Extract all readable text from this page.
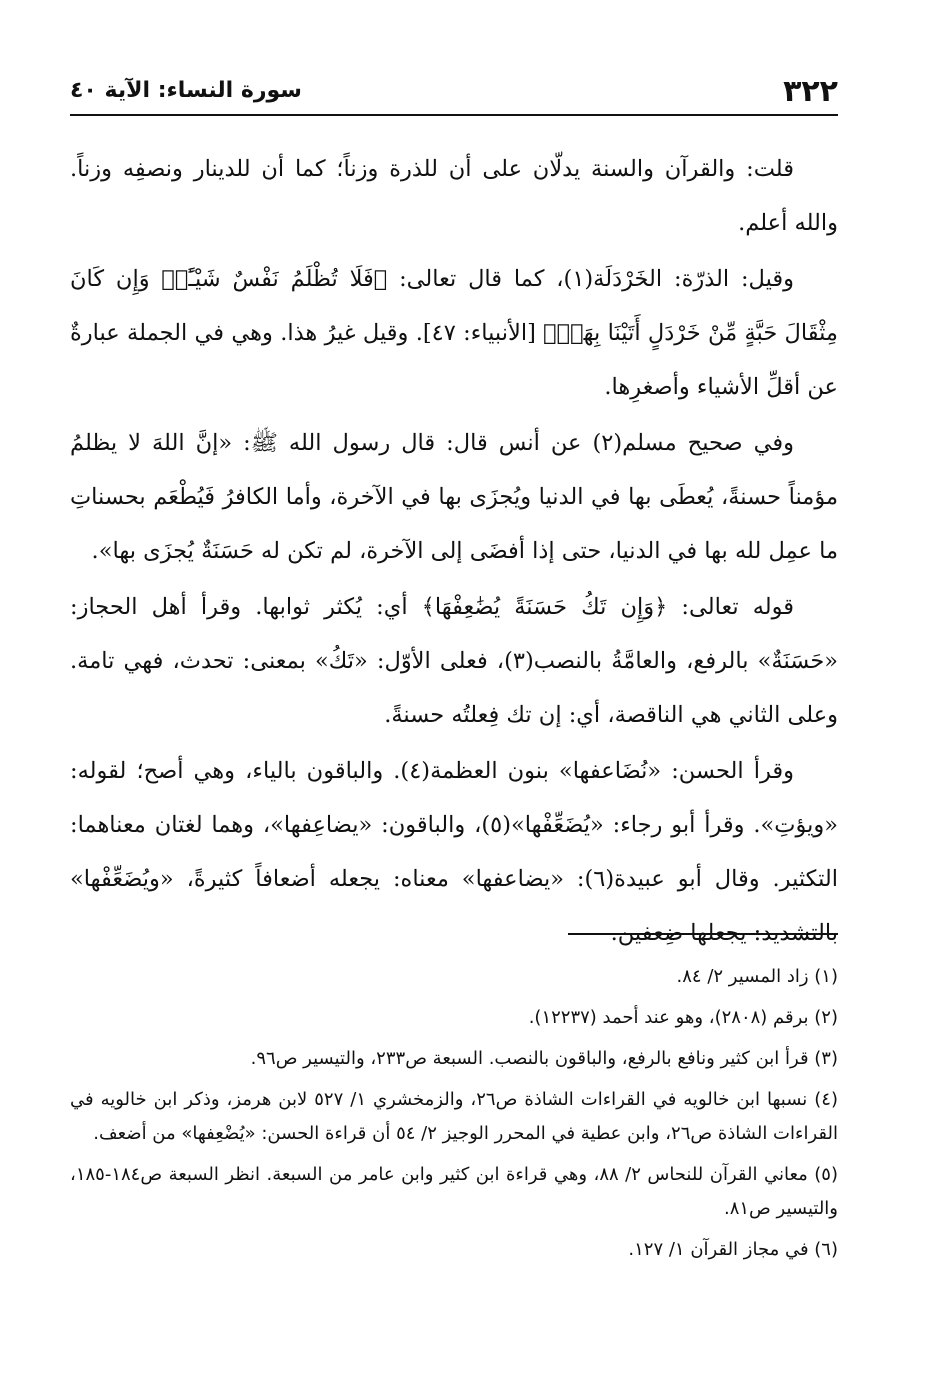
٣٢٢
سورة النساء: الآية ٤٠

قلت: والقرآن والسنة يدلّان على أن للذرة وزناً؛ كما أن للدينار ونصفِه وزناً. والله أعلم.

وقيل: الذرّة: الخَرْدَلَة(١)، كما قال تعالى: ﴿فَلَا تُظْلَمُ نَفْسٌ شَيْـًٔاۖ وَإِن كَانَ مِثْقَالَ حَبَّةٍ مِّنْ خَرْدَلٍ أَتَيْنَا بِهَاۗ﴾ [الأنبياء: ٤٧]. وقيل غيرُ هذا. وهي في الجملة عبارةٌ عن أقلِّ الأشياء وأصغرِها.

وفي صحيح مسلم(٢) عن أنس قال: قال رسول الله ﷺ: «إنَّ اللهَ لا يظلمُ مؤمناً حسنةً، يُعطَى بها في الدنيا ويُجزَى بها في الآخرة، وأما الكافرُ فَيُطْعَم بحسناتِ ما عمِل لله بها في الدنيا، حتى إذا أفضَى إلى الآخرة، لم تكن له حَسَنَةٌ يُجزَى بها».

قوله تعالى: ﴿وَإِن تَكُ حَسَنَةً يُضَٰعِفْهَا﴾ أي: يُكثر ثوابها. وقرأ أهل الحجاز: «حَسَنَةٌ» بالرفع، والعامَّةُ بالنصب(٣)، فعلى الأوّل: «تَكُ» بمعنى: تحدث، فهي تامة. وعلى الثاني هي الناقصة، أي: إن تك فِعلتُه حسنةً.

وقرأ الحسن: «نُضَاعفها» بنون العظمة(٤). والباقون بالياء، وهي أصح؛ لقوله: «ويؤتِ». وقرأ أبو رجاء: «يُضَعِّفْها»(٥)، والباقون: «يضاعِفها»، وهما لغتان معناهما: التكثير. وقال أبو عبيدة(٦): «يضاعفها» معناه: يجعله أضعافاً كثيرةً، «ويُضَعِّفْها» بالتشديد: يجعلها ضِعفين.

(١) زاد المسير ٢/ ٨٤.

(٢) برقم (٢٨٠٨)، وهو عند أحمد (١٢٢٣٧).

(٣) قرأ ابن كثير ونافع بالرفع، والباقون بالنصب. السبعة ص٢٣٣، والتيسير ص٩٦.

(٤) نسبها ابن خالويه في القراءات الشاذة ص٢٦، والزمخشري ١/ ٥٢٧ لابن هرمز، وذكر ابن خالويه في القراءات الشاذة ص٢٦، وابن عطية في المحرر الوجيز ٢/ ٥٤ أن قراءة الحسن: «يُضْعِفها» من أضعف.

(٥) معاني القرآن للنحاس ٢/ ٨٨، وهي قراءة ابن كثير وابن عامر من السبعة. انظر السبعة ص١٨٤-١٨٥، والتيسير ص٨١.

(٦) في مجاز القرآن ١/ ١٢٧.
